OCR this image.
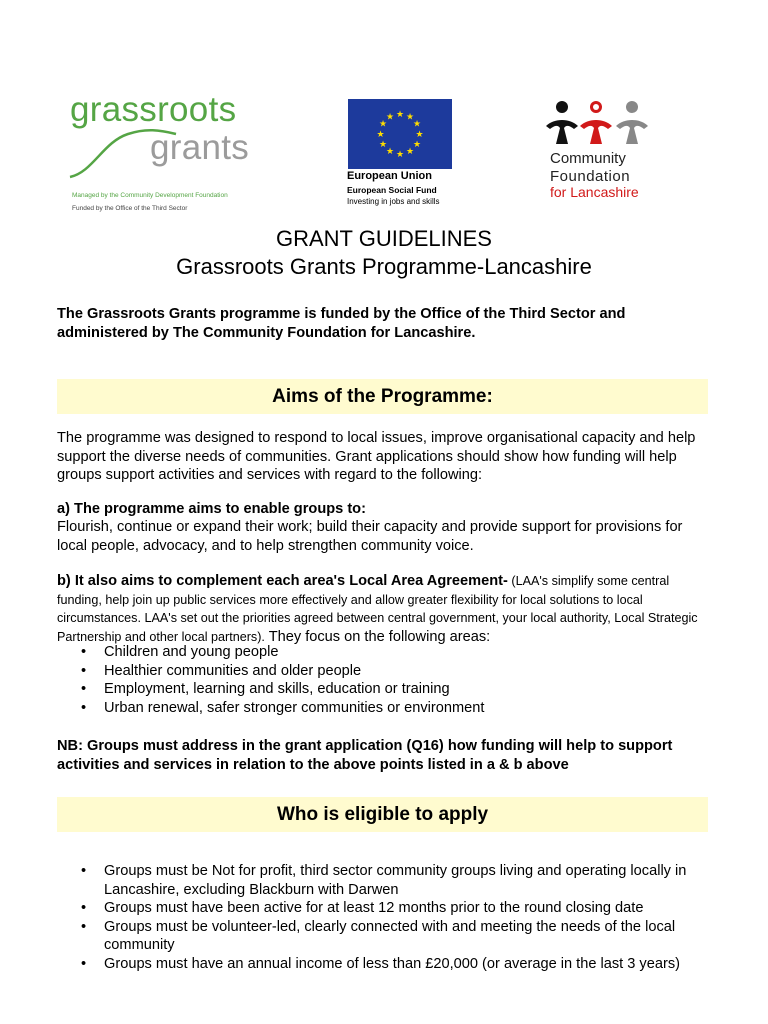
grassroots
grants
Managed by the Community Development Foundation
Funded by the Office of the Third Sector
★ ★
★
★
★
★
★
★
★
★
★
★
European Union
European Social Fund
Investing in jobs and skills
Community
Foundation
for Lancashire
GRANT GUIDELINES
Grassroots Grants Programme-Lancashire
The Grassroots Grants programme is funded by the Office of the Third Sector and administered by The Community Foundation for Lancashire.
Aims of the Programme:
The programme was designed to respond to local issues, improve organisational capacity and help support the diverse needs of communities. Grant applications should show how funding will help groups support activities and services with regard to the following:
a) The programme aims to enable groups to:
Flourish, continue or expand their work; build their capacity and provide support for provisions for local people, advocacy, and to help strengthen community voice.
b) It also aims to complement each area's Local Area Agreement- (LAA's simplify some central funding, help join up public services more effectively and allow greater flexibility for local solutions to local circumstances. LAA's set out the priorities agreed between central government, your local authority, Local Strategic Partnership and other local partners). They focus on the following areas:
• Children and young people
• Healthier communities and older people
• Employment, learning and skills, education or training
• Urban renewal, safer stronger communities or environment
NB: Groups must address in the grant application (Q16) how funding will help to support activities and services in relation to the above points listed in a & b above
Who is eligible to apply
• Groups must be Not for profit, third sector community groups living and operating locally in Lancashire, excluding Blackburn with Darwen
• Groups must have been active for at least 12 months prior to the round closing date
• Groups must be volunteer-led, clearly connected with and meeting the needs of the local community
• Groups must have an annual income of less than £20,000 (or average in the last 3 years)
